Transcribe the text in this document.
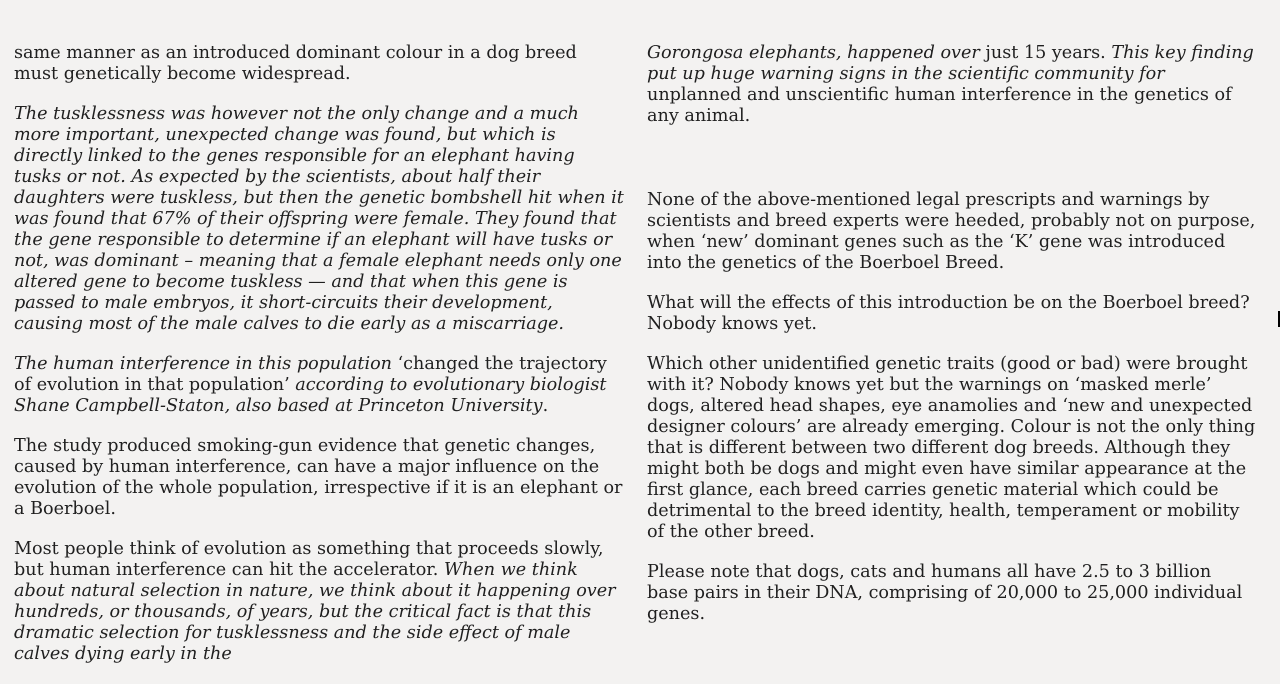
same manner as an introduced dominant colour in a dog breed must genetically become widespread.

The tusklessness was however not the only change and a much more important, unexpected change was found, but which is directly linked to the genes responsible for an elephant having tusks or not. As expected by the scientists, about half their daughters were tuskless, but then the genetic bombshell hit when it was found that 67% of their offspring were female. They found that the gene responsible to determine if an elephant will have tusks or not, was dominant – meaning that a female elephant needs only one altered gene to become tuskless — and that when this gene is passed to male embryos, it short-circuits their development, causing most of the male calves to die early as a miscarriage.

The human interference in this population ‘changed the trajectory of evolution in that population’ according to evolutionary biologist Shane Campbell-Staton, also based at Princeton University.

The study produced smoking-gun evidence that genetic changes, caused by human interference, can have a major influence on the evolution of the whole population, irrespective if it is an elephant or a Boerboel.

Most people think of evolution as something that proceeds slowly, but human interference can hit the accelerator. When we think about natural selection in nature, we think about it happening over hundreds, or thousands, of years, but the critical fact is that this dramatic selection for tusklessness and the side effect of male calves dying early in the

Gorongosa elephants, happened over just 15 years. This key finding put up huge warning signs in the scientific community for unplanned and unscientific human interference in the genetics of any animal.

None of the above-mentioned legal prescripts and warnings by scientists and breed experts were heeded, probably not on purpose, when ‘new’ dominant genes such as the ‘K’ gene was introduced into the genetics of the Boerboel Breed.

What will the effects of this introduction be on the Boerboel breed? Nobody knows yet.

Which other unidentified genetic traits (good or bad) were brought with it? Nobody knows yet but the warnings on ‘masked merle’ dogs, altered head shapes, eye anamolies and ‘new and unexpected designer colours’ are already emerging. Colour is not the only thing that is different between two different dog breeds. Although they might both be dogs and might even have similar appearance at the first glance, each breed carries genetic material which could be detrimental to the breed identity, health, temperament or mobility of the other breed.

Please note that dogs, cats and humans all have 2.5 to 3 billion base pairs in their DNA, comprising of 20,000 to 25,000 individual genes.
